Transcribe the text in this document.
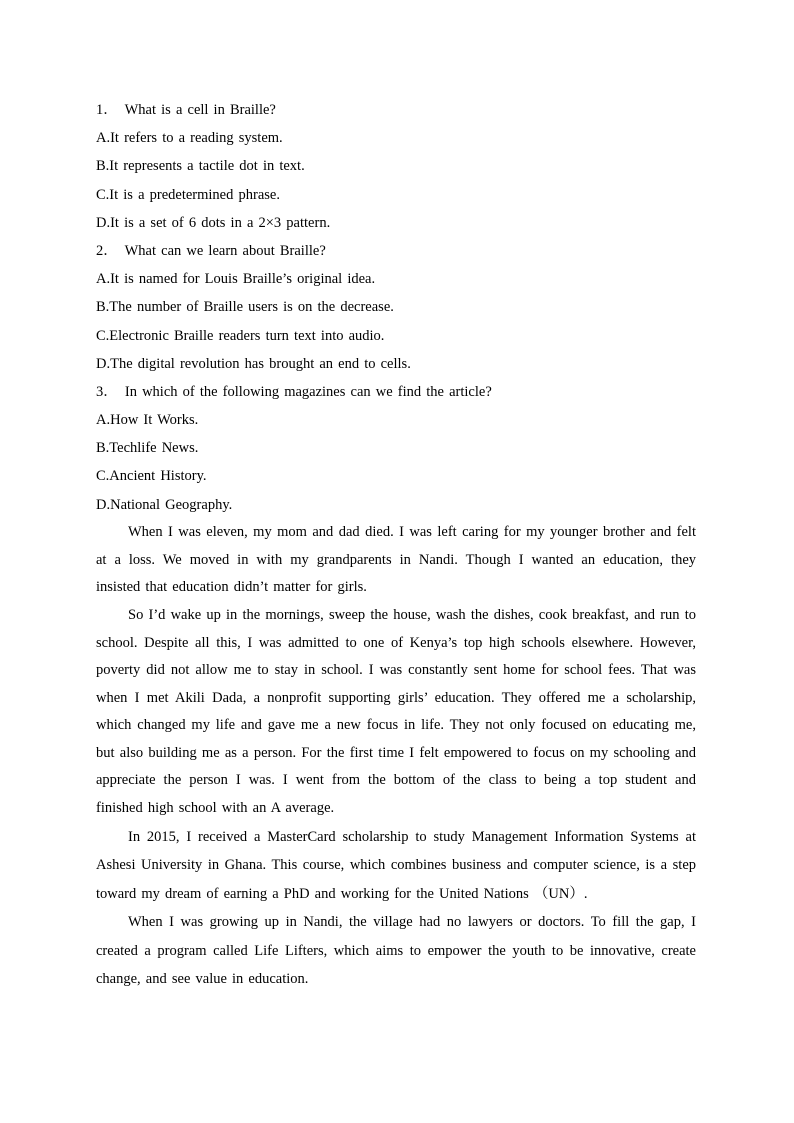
1． What is a cell in Braille?
A.It refers to a reading system.
B.It represents a tactile dot in text.
C.It is a predetermined phrase.
D.It is a set of 6 dots in a 2×3 pattern.
2． What can we learn about Braille?
A.It is named for Louis Braille’s original idea.
B.The number of Braille users is on the decrease.
C.Electronic Braille readers turn text into audio.
D.The digital revolution has brought an end to cells.
3． In which of the following magazines can we find the article?
A.How It Works.
B.Techlife News.
C.Ancient History.
D.National Geography.

When I was eleven, my mom and dad died. I was left caring for my younger brother and felt at a loss. We moved in with my grandparents in Nandi. Though I wanted an education, they insisted that education didn’t matter for girls.

So I’d wake up in the mornings, sweep the house, wash the dishes, cook breakfast, and run to school. Despite all this, I was admitted to one of Kenya’s top high schools elsewhere. However, poverty did not allow me to stay in school. I was constantly sent home for school fees. That was when I met Akili Dada, a nonprofit supporting girls’ education. They offered me a scholarship, which changed my life and gave me a new focus in life. They not only focused on educating me, but also building me as a person. For the first time I felt empowered to focus on my schooling and appreciate the person I was. I went from the bottom of the class to being a top student and finished high school with an A average.

In 2015, I received a MasterCard scholarship to study Management Information Systems at Ashesi University in Ghana. This course, which combines business and computer science, is a step toward my dream of earning a PhD and working for the United Nations （UN）.

When I was growing up in Nandi, the village had no lawyers or doctors. To fill the gap, I created a program called Life Lifters, which aims to empower the youth to be innovative, create change, and see value in education.
